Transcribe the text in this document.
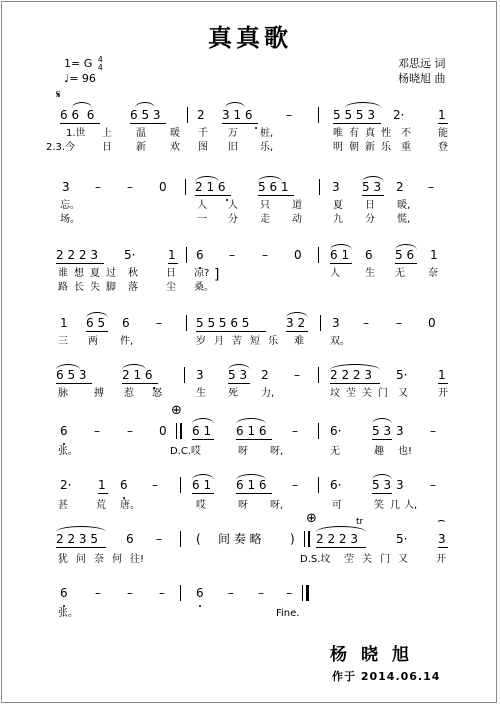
真真歌
1= G 4
4
♩= 96
邓思远 词
杨晓旭 曲
𝄋
6 6  6	6 5 3	2 3 1 6	–	5 5 5 3 2·	1
1.世 上 温 暖 千 万 桩,	唯 有 真 性 不	能
2.3.今	日 新 欢 图 旧 乐,	明 朝 新 乐 重	登
3 – – 0 2 1 6	5 6 1	3 5 3 2 –
忘。	人 人 只 道	夏 日 暖,
场。	一 分 走 动	九 分 慌,
2 2 2 3 5·	1 6 – – 0 6 1 6 5 6 1
谁 想 夏 过 秋	日 凉?	人	生 无 奈
]
路 长 失 脚 落	尘 桑。
1 6 5 6 –	5 5 5 6 5	3 2 3 – – 0
三 两 件,	岁 月 苦 短 乐 难	双。
6 5 3	2 1 6	3 5 3 2 –	2 2 2 3 5·	1
脉	搏 惹 怒	生 死 力,	坟 茔 关 门 又	开
⊕
6 – – 0 6 1 6 1 6 –	6·	5 3 3 –
张。	D.C.哎	呀 呀,	无	趣 也!
2· 1 6 –	6 1 6 1 6 –	6·	5 3 3 –
甚	荒 唐。	哎	呀 呀,	可	笑 几 人,
⊕	tr	⌢
2 2 3 5 6 –	( 间 奏 略 ) 2 2 2 3	5·	3
犹 问 奈 何 往!	D.S.坟 茔 关 门 又	开
6 – – –	6 – – –
张。	Fine.
杨晓旭
作于 2014.06.14
